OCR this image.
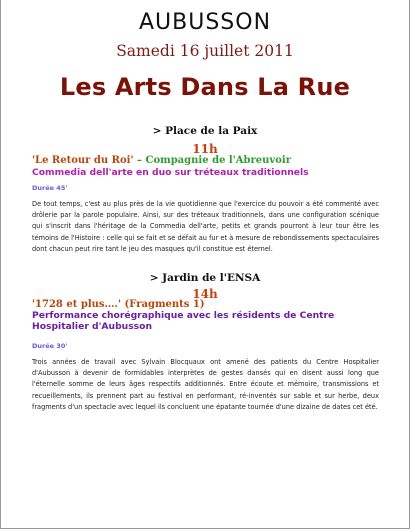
AUBUSSON
Samedi 16 juillet 2011
Les Arts Dans La Rue
> Place de la Paix
11h
'Le Retour du Roi' – Compagnie de l'Abreuvoir
Commedia dell'arte en duo sur tréteaux traditionnels
Durée 45'
De tout temps, c'est au plus près de la vie quotidienne que l'exercice du pouvoir a été commenté avec drôlerie par la parole populaire. Ainsi, sur des tréteaux traditionnels, dans une configuration scénique qui s'inscrit dans l'héritage de la Commedia dell'arte, petits et grands pourront à leur tour être les témoins de l'Histoire : celle qui se fait et se défait au fur et à mesure de rebondissements spectaculaires dont chacun peut rire tant le jeu des masques qu'il constitue est éternel.
> Jardin de l'ENSA
14h
'1728 et plus….' (Fragments 1)
Performance chorégraphique avec les résidents de Centre Hospitalier d'Aubusson
Durée 30'
Trois années de travail avec Sylvain Blocquaux ont amené des patients du Centre Hospitalier d'Aubusson à devenir de formidables interprètes de gestes dansés qui en disent aussi long que l'éternelle somme de leurs âges respectifs additionnés. Entre écoute et mémoire, transmissions et recueillements, ils prennent part au festival en performant, ré-inventés sur sable et sur herbe, deux fragments d'un spectacle avec lequel ils concluent une épatante tournée d'une dizaine de dates cet été.
